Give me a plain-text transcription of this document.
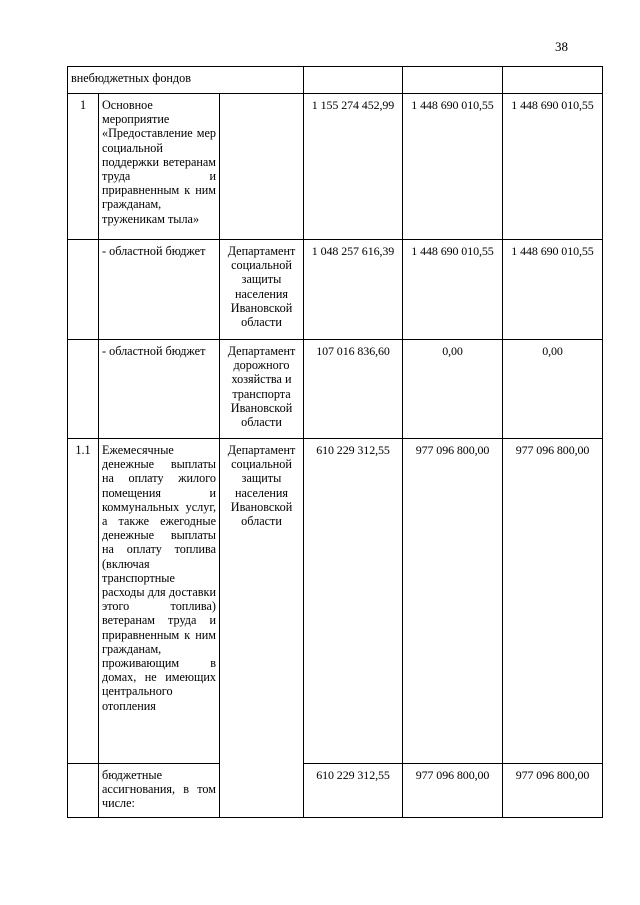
38
внебюджетных фондов					
1	Основное мероприятие «Предоставление мер социальной поддержки ветеранам труда и приравненным к ним гражданам, труженикам тыла»		1 155 274 452,99	1 448 690 010,55	1 448 690 010,55
	- областной бюджет	Департамент социальной защиты населения Ивановской области	1 048 257 616,39	1 448 690 010,55	1 448 690 010,55
	- областной бюджет	Департамент дорожного хозяйства и транспорта Ивановской области	107 016 836,60	0,00	0,00
1.1	Ежемесячные денежные выплаты на оплату жилого помещения и коммунальных услуг, а также ежегодные денежные выплаты на оплату топлива (включая транспортные расходы для доставки этого топлива) ветеранам труда и приравненным к ним гражданам, проживающим в домах, не имеющих центрального отопления	Департамент социальной защиты населения Ивановской области	610 229 312,55	977 096 800,00	977 096 800,00
	бюджетные ассигнования, в том числе:		610 229 312,55	977 096 800,00	977 096 800,00
